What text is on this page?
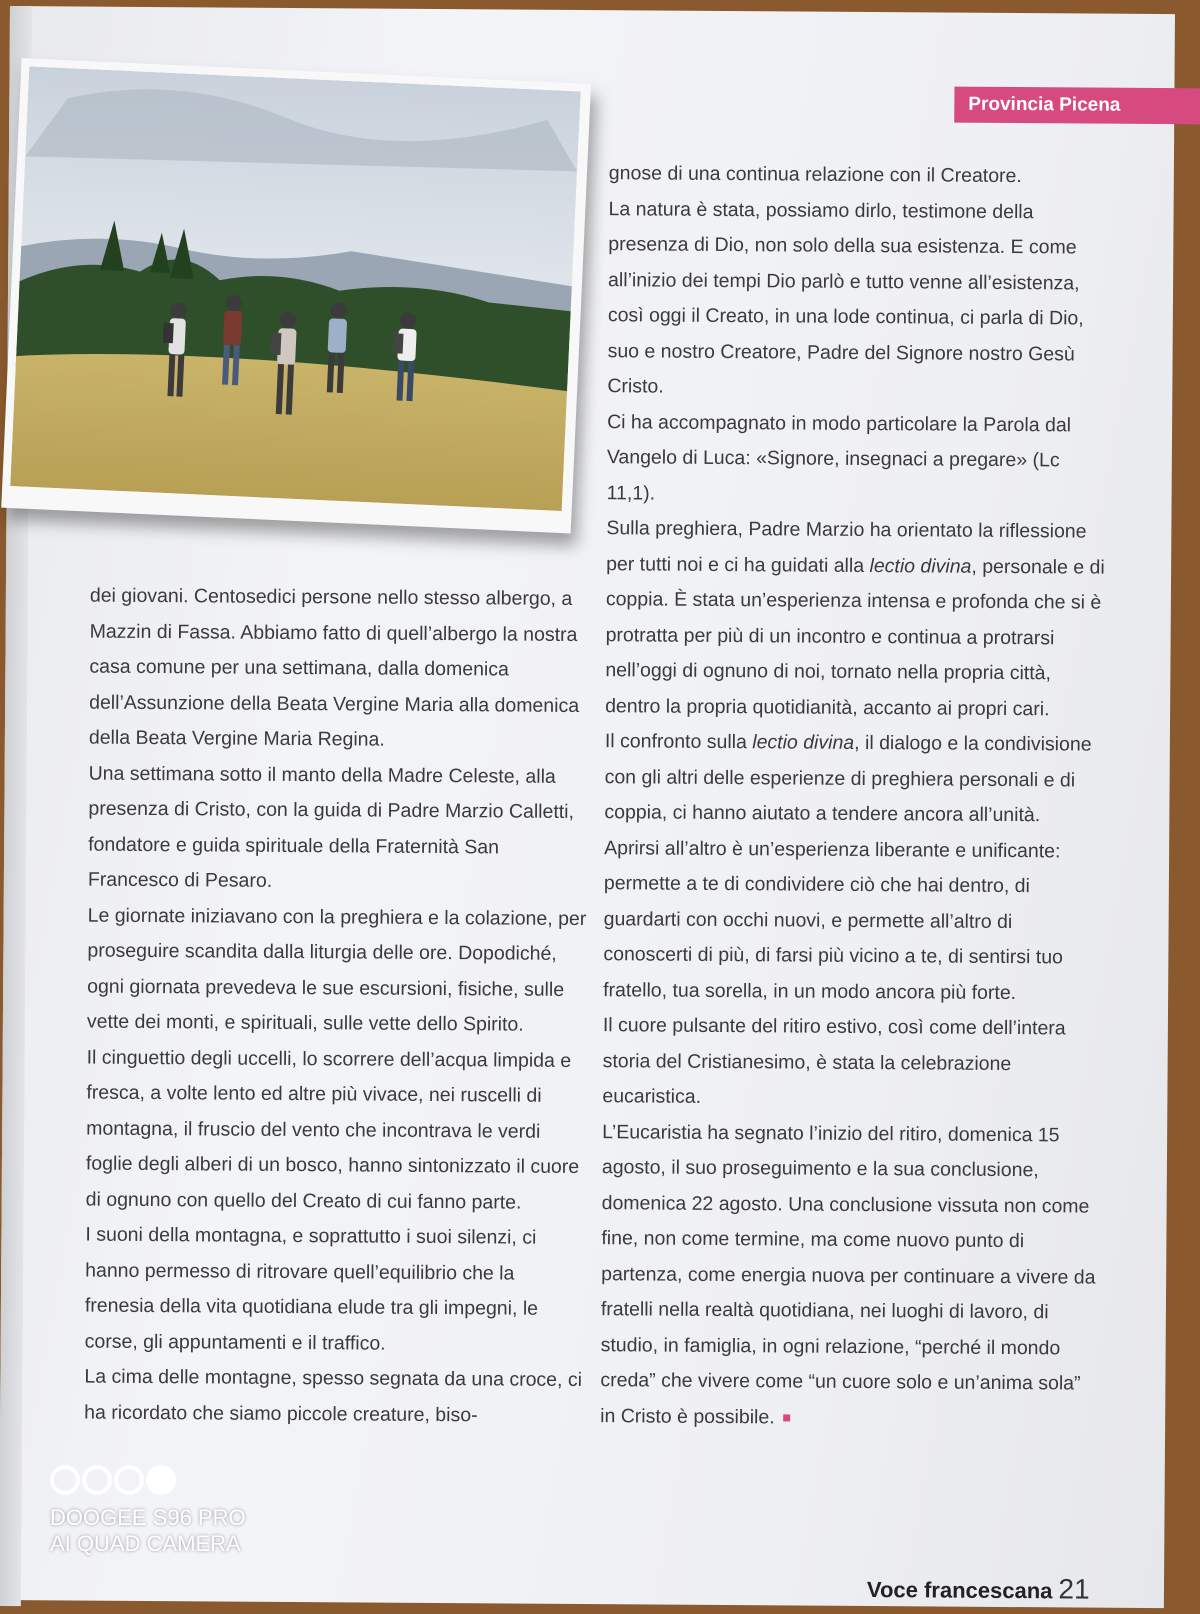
Provincia Picena

dei giovani. Centosedici persone nello stesso albergo, a Mazzin di Fassa. Abbiamo fatto di quell’albergo la nostra casa comune per una settimana, dalla domenica dell’Assunzione della Beata Vergine Maria alla domenica della Beata Vergine Maria Regina.

Una settimana sotto il manto della Madre Celeste, alla presenza di Cristo, con la guida di Padre Marzio Calletti, fondatore e guida spirituale della Fraternità San Francesco di Pesaro.

Le giornate iniziavano con la preghiera e la colazione, per proseguire scandita dalla liturgia delle ore. Dopodiché, ogni giornata prevedeva le sue escursioni, fisiche, sulle vette dei monti, e spirituali, sulle vette dello Spirito.

Il cinguettio degli uccelli, lo scorrere dell’acqua limpida e fresca, a volte lento ed altre più vivace, nei ruscelli di montagna, il fruscio del vento che incontrava le verdi foglie degli alberi di un bosco, hanno sintonizzato il cuore di ognuno con quello del Creato di cui fanno parte.

I suoni della montagna, e soprattutto i suoi silenzi, ci hanno permesso di ritrovare quell’equilibrio che la frenesia della vita quotidiana elude tra gli impegni, le corse, gli appuntamenti e il traffico.

La cima delle montagne, spesso segnata da una croce, ci ha ricordato che siamo piccole creature, biso-

gnose di una continua relazione con il Creatore.

La natura è stata, possiamo dirlo, testimone della presenza di Dio, non solo della sua esistenza. E come all’inizio dei tempi Dio parlò e tutto venne all’esistenza, così oggi il Creato, in una lode continua, ci parla di Dio, suo e nostro Creatore, Padre del Signore nostro Gesù Cristo.

Ci ha accompagnato in modo particolare la Parola dal Vangelo di Luca: «Signore, insegnaci a pregare» (Lc 11,1).

Sulla preghiera, Padre Marzio ha orientato la riflessione per tutti noi e ci ha guidati alla lectio divina, personale e di coppia. È stata un’esperienza intensa e profonda che si è protratta per più di un incontro e continua a protrarsi nell’oggi di ognuno di noi, tornato nella propria città, dentro la propria quotidianità, accanto ai propri cari.

Il confronto sulla lectio divina, il dialogo e la condivisione con gli altri delle esperienze di preghiera personali e di coppia, ci hanno aiutato a tendere ancora all’unità.

Aprirsi all’altro è un’esperienza liberante e unificante: permette a te di condividere ciò che hai dentro, di guardarti con occhi nuovi, e permette all’altro di conoscerti di più, di farsi più vicino a te, di sentirsi tuo fratello, tua sorella, in un modo ancora più forte.

Il cuore pulsante del ritiro estivo, così come dell’intera storia del Cristianesimo, è stata la celebrazione eucaristica.

L’Eucaristia ha segnato l’inizio del ritiro, domenica 15 agosto, il suo proseguimento e la sua conclusione, domenica 22 agosto. Una conclusione vissuta non come fine, non come termine, ma come nuovo punto di partenza, come energia nuova per continuare a vivere da fratelli nella realtà quotidiana, nei luoghi di lavoro, di studio, in famiglia, in ogni relazione, “perché il mondo creda” che vivere come “un cuore solo e un’anima sola” in Cristo è possibile.

Voce francescana 21
DOOGEE S96 PRO
AI QUAD CAMERA
